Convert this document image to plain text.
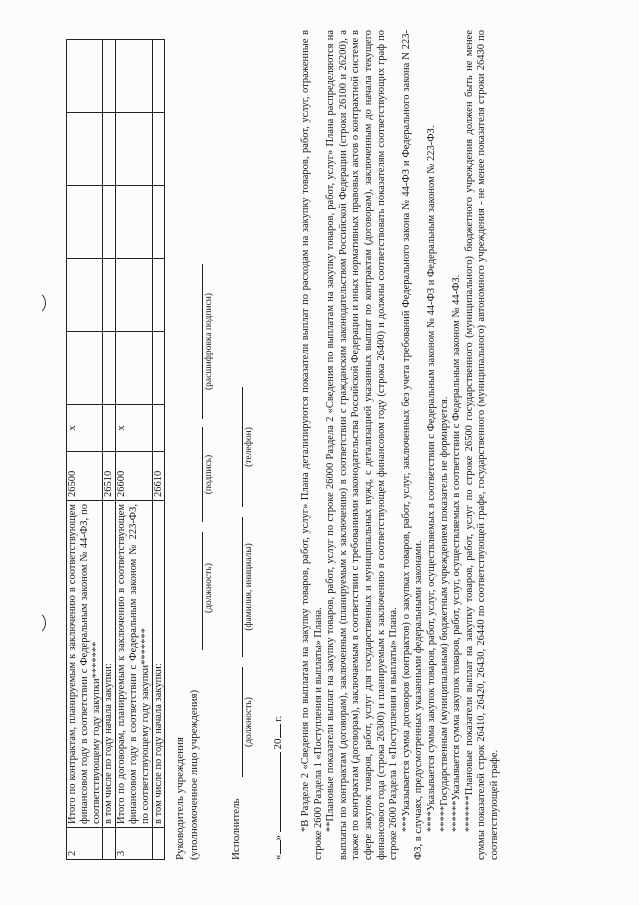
2	Итого по контрактам, планируемым к заключению в соответствующем финансовом году в соответствии с Федеральным законом № 44-ФЗ, по соответствующему году закупки*******	26500	x					
	в том числе по году начала закупки:	26510						
3	Итого по договорам, планируемым к заключению в соответствующем финансовом году в соответствии с Федеральным законом № 223-ФЗ, по соответствующему году закупки*******	26600	x					
	в том числе по году начала закупки:	26610						
Руководитель учреждения (уполномоченное лицо учреждения)
(должность)
(подпись)
(расшифровка подписи)
Исполнитель
(должность)
(фамилия, инициалы)
(телефон)
«»  20 г. *В Разделе 2 «Сведения по выплатам на закупку товаров, работ, услуг» Плана детализируются показатели выплат по расходам на закупку товаров, работ, услуг, отраженные в строке 2600 Раздела 1 «Поступления и выплаты» Плана. **Плановые показатели выплат на закупку товаров, работ, услуг по строке 26000 Раздела 2 «Сведения по выплатам на закупку товаров, работ, услуг» Плана распределяются на выплаты по контрактам (договорам), заключенным (планируемым к заключению) в соответствии с гражданским законодательством Российской Федерации (строки 26100 и 26200), а также по контрактам (договорам), заключаемым в соответствии с требованиями законодательства Российской Федерации и иных нормативных правовых актов о контрактной системе в сфере закупок товаров, работ, услуг для государственных и муниципальных нужд, с детализацией указанных выплат по контрактам (договорам), заключенным до начала текущего финансового года (строка 26300) и планируемым к заключению в соответствующем финансовом году (строка 26400) и должны соответствовать показателям соответствующих граф по строке 2600 Раздела 1 «Поступления и выплаты» Плана. ***Указывается сумма договоров (контрактов) о закупках товаров, работ, услуг, заключенных без учета требований Федерального закона № 44-ФЗ и Федерального закона N 223-ФЗ, в случаях, предусмотренных указанными федеральными законами. ****Указывается сумма закупок товаров, работ, услуг, осуществляемых в соответствии с Федеральным законом № 44-ФЗ и Федеральным законом № 223-ФЗ. *****Государственным (муниципальным) бюджетным учреждением показатель не формируется. ******Указывается сумма закупок товаров, работ, услуг, осуществляемых в соответствии с Федеральным законом № 44-ФЗ. *******Плановые показатели выплат на закупку товаров, работ, услуг по строке 26500 государственного (муниципального) бюджетного учреждения должен быть не менее суммы показателей строк 26410, 26420, 26430, 26440 по соответствующей графе, государственного (муниципального) автономного учреждения - не менее показателя строки 26430 по соответствующей графе.
